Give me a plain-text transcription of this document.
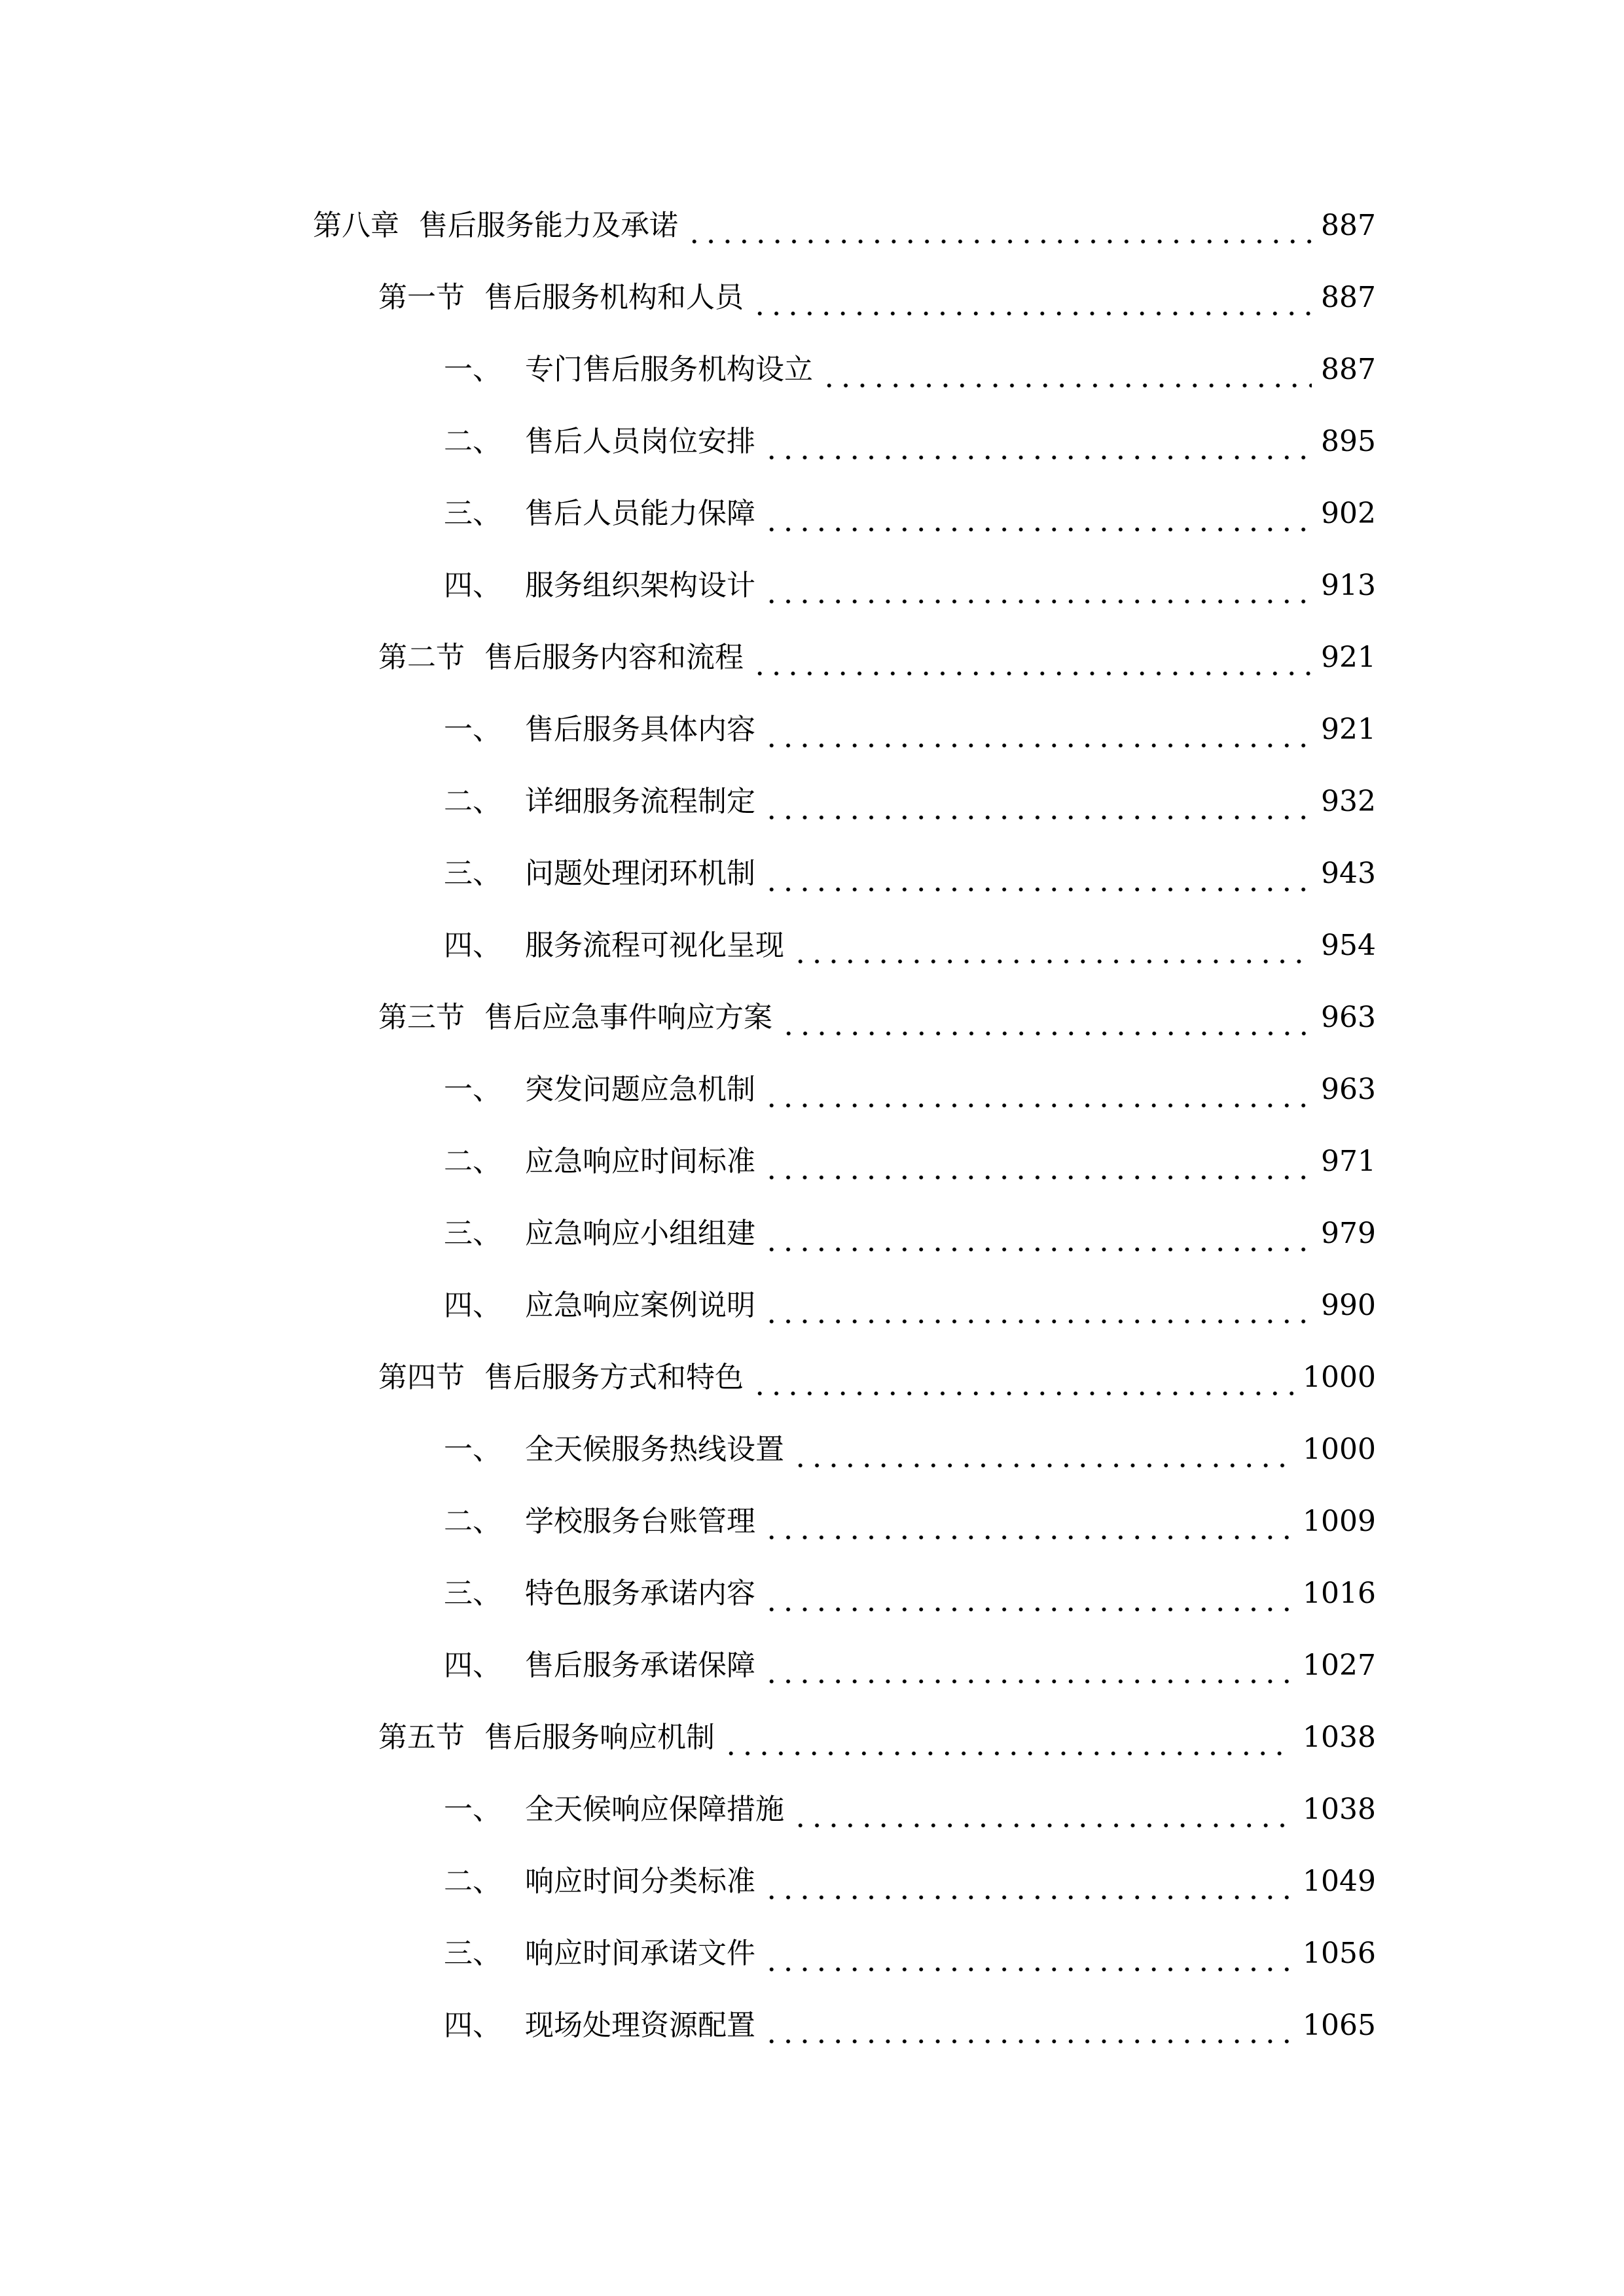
第八章 售后服务能力及承诺	887
第一节 售后服务机构和人员	887
一、 专门售后服务机构设立	887
二、 售后人员岗位安排	895
三、 售后人员能力保障	902
四、 服务组织架构设计	913
第二节 售后服务内容和流程	921
一、 售后服务具体内容	921
二、 详细服务流程制定	932
三、 问题处理闭环机制	943
四、 服务流程可视化呈现	954
第三节 售后应急事件响应方案	963
一、 突发问题应急机制	963
二、 应急响应时间标准	971
三、 应急响应小组组建	979
四、 应急响应案例说明	990
第四节 售后服务方式和特色	1000
一、 全天候服务热线设置	1000
二、 学校服务台账管理	1009
三、 特色服务承诺内容	1016
四、 售后服务承诺保障	1027
第五节 售后服务响应机制	1038
一、 全天候响应保障措施	1038
二、 响应时间分类标准	1049
三、 响应时间承诺文件	1056
四、 现场处理资源配置	1065
